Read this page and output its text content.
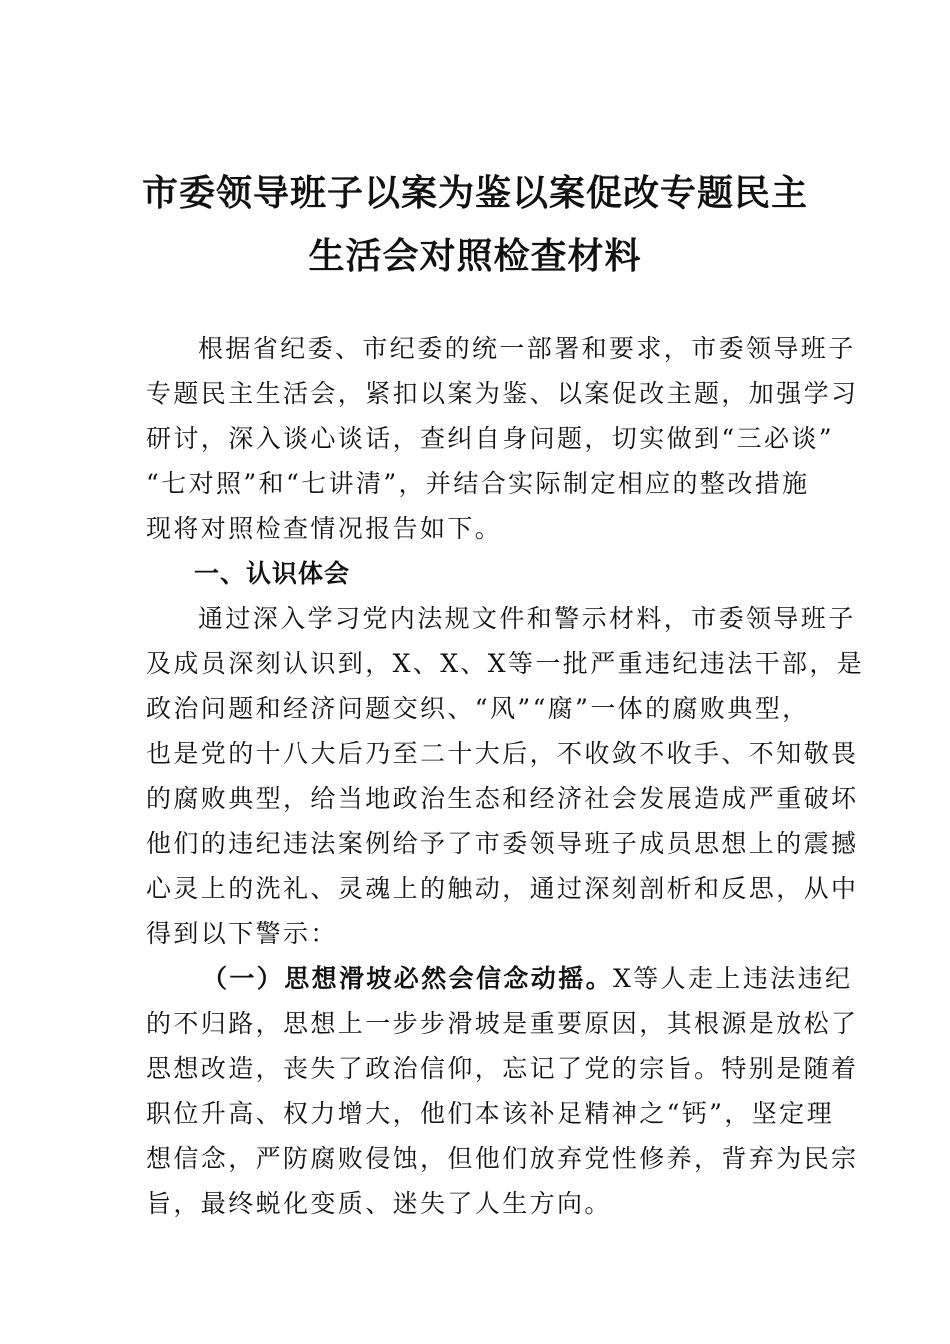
市委领导班子以案为鉴以案促改专题民主
生活会对照检查材料
根据省纪委、市纪委的统一部署和要求，市委领导班子
专题民主生活会，紧扣以案为鉴、以案促改主题，加强学习
研讨，深入谈心谈话，查纠自身问题，切实做到“三必谈”
“七对照”和“七讲清”，并结合实际制定相应的整改措施
现将对照检查情况报告如下。
一、认识体会
通过深入学习党内法规文件和警示材料，市委领导班子
及成员深刻认识到，X、X、X等一批严重违纪违法干部，是
政治问题和经济问题交织、“风”“腐”一体的腐败典型，
也是党的十八大后乃至二十大后，不收敛不收手、不知敬畏
的腐败典型，给当地政治生态和经济社会发展造成严重破坏
他们的违纪违法案例给予了市委领导班子成员思想上的震撼
心灵上的洗礼、灵魂上的触动，通过深刻剖析和反思，从中
得到以下警示：
（一）思想滑坡必然会信念动摇。X等人走上违法违纪
的不归路，思想上一步步滑坡是重要原因，其根源是放松了
思想改造，丧失了政治信仰，忘记了党的宗旨。特别是随着
职位升高、权力增大，他们本该补足精神之“钙”，坚定理
想信念，严防腐败侵蚀，但他们放弃党性修养，背弃为民宗
旨，最终蜕化变质、迷失了人生方向。
